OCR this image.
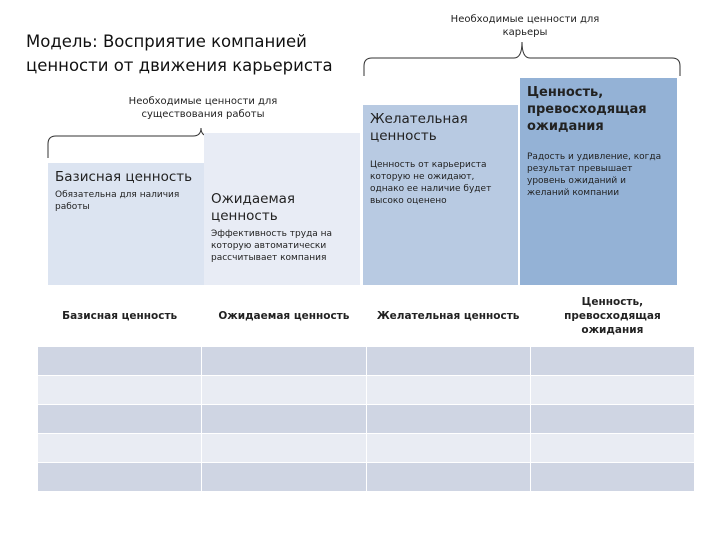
Модель: Восприятие компанией ценности от движения карьериста
Необходимые ценности для существования работы
Необходимые ценности для карьеры
Базисная ценность
Обязательна для наличия работы	Ожидаемая ценность
Эффективность труда на которую автоматически рассчитывает компания
Желательная ценность
Ценность от карьериста которую не ожидают, однако ее наличие будет высоко оценено
Ценность, превосходящая ожидания
Радость и удивление, когда результат превышает уровень ожиданий и желаний компании
Базисная ценность	Ожидаемая ценность	Желательная ценность	Ценность, превосходящая ожидания
